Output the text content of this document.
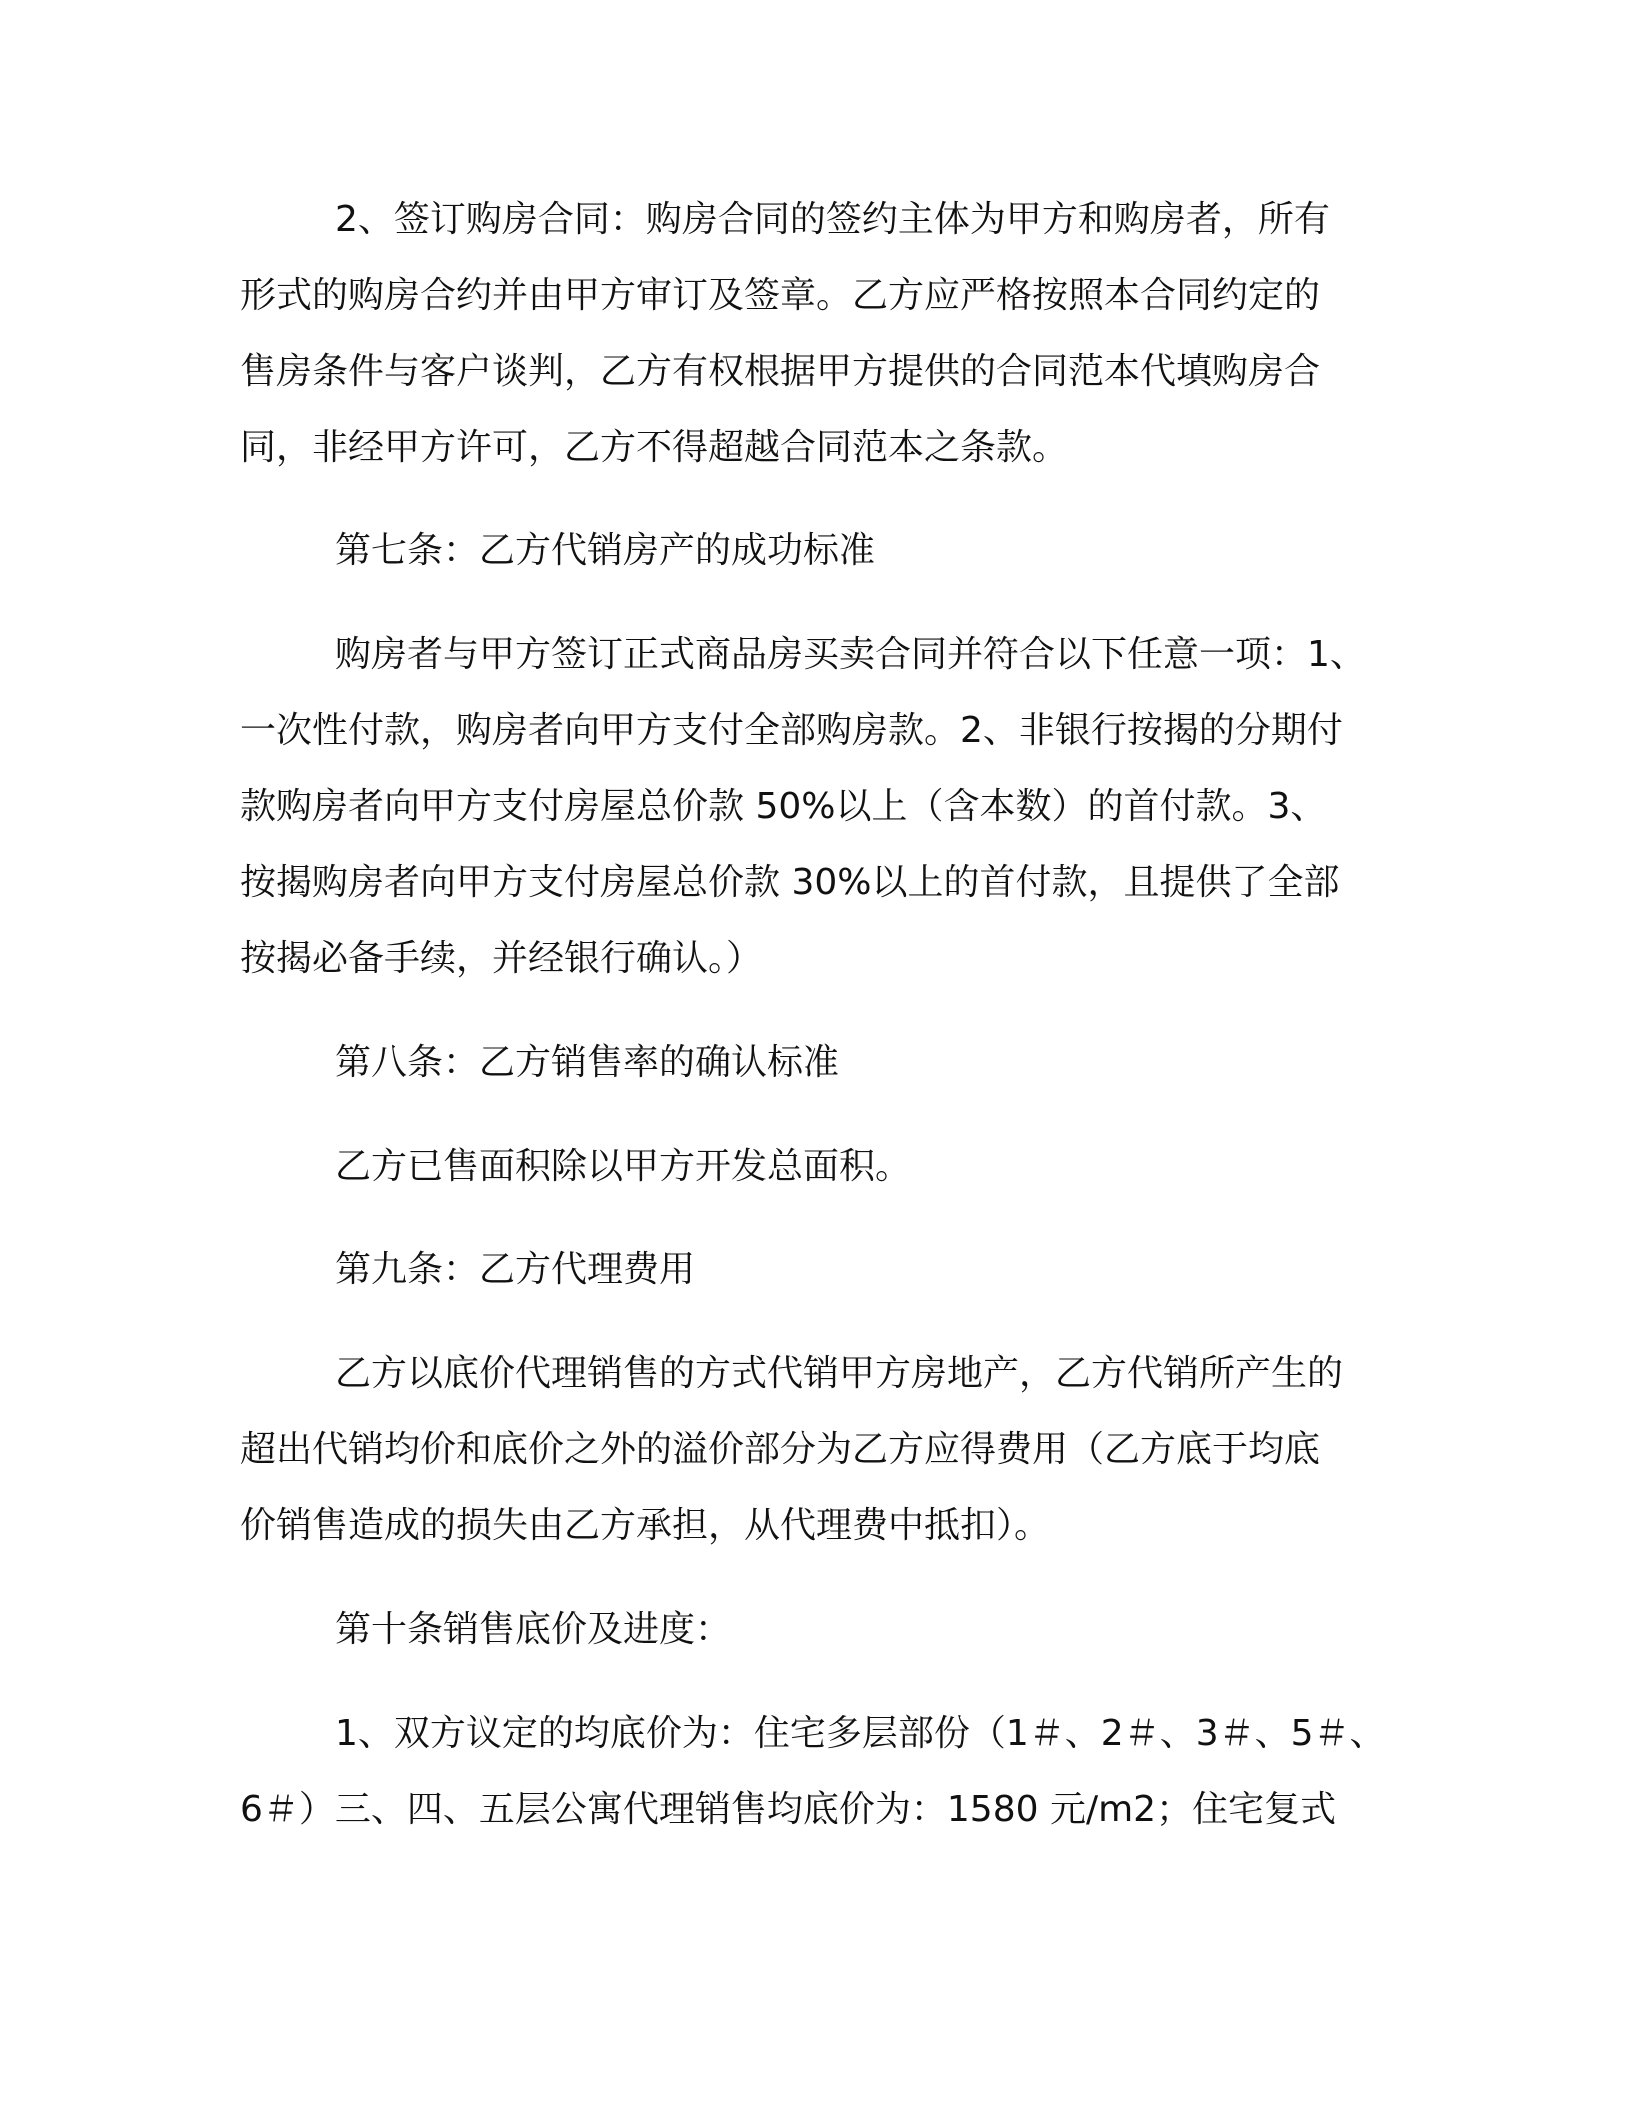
2、签订购房合同：购房合同的签约主体为甲方和购房者，所有

形式的购房合约并由甲方审订及签章。乙方应严格按照本合同约定的

售房条件与客户谈判，乙方有权根据甲方提供的合同范本代填购房合

同，非经甲方许可，乙方不得超越合同范本之条款。

第七条：乙方代销房产的成功标准

购房者与甲方签订正式商品房买卖合同并符合以下任意一项：1、

一次性付款，购房者向甲方支付全部购房款。2、非银行按揭的分期付

款购房者向甲方支付房屋总价款 50%以上（含本数）的首付款。3、

按揭购房者向甲方支付房屋总价款 30%以上的首付款，且提供了全部

按揭必备手续，并经银行确认。）

第八条：乙方销售率的确认标准

乙方已售面积除以甲方开发总面积。

第九条：乙方代理费用

乙方以底价代理销售的方式代销甲方房地产，乙方代销所产生的

超出代销均价和底价之外的溢价部分为乙方应得费用（乙方底于均底

价销售造成的损失由乙方承担，从代理费中抵扣）。

第十条销售底价及进度：

1、双方议定的均底价为：住宅多层部份（1＃、2＃、3＃、5＃、

6＃）三、四、五层公寓代理销售均底价为：1580 元/m2；住宅复式
